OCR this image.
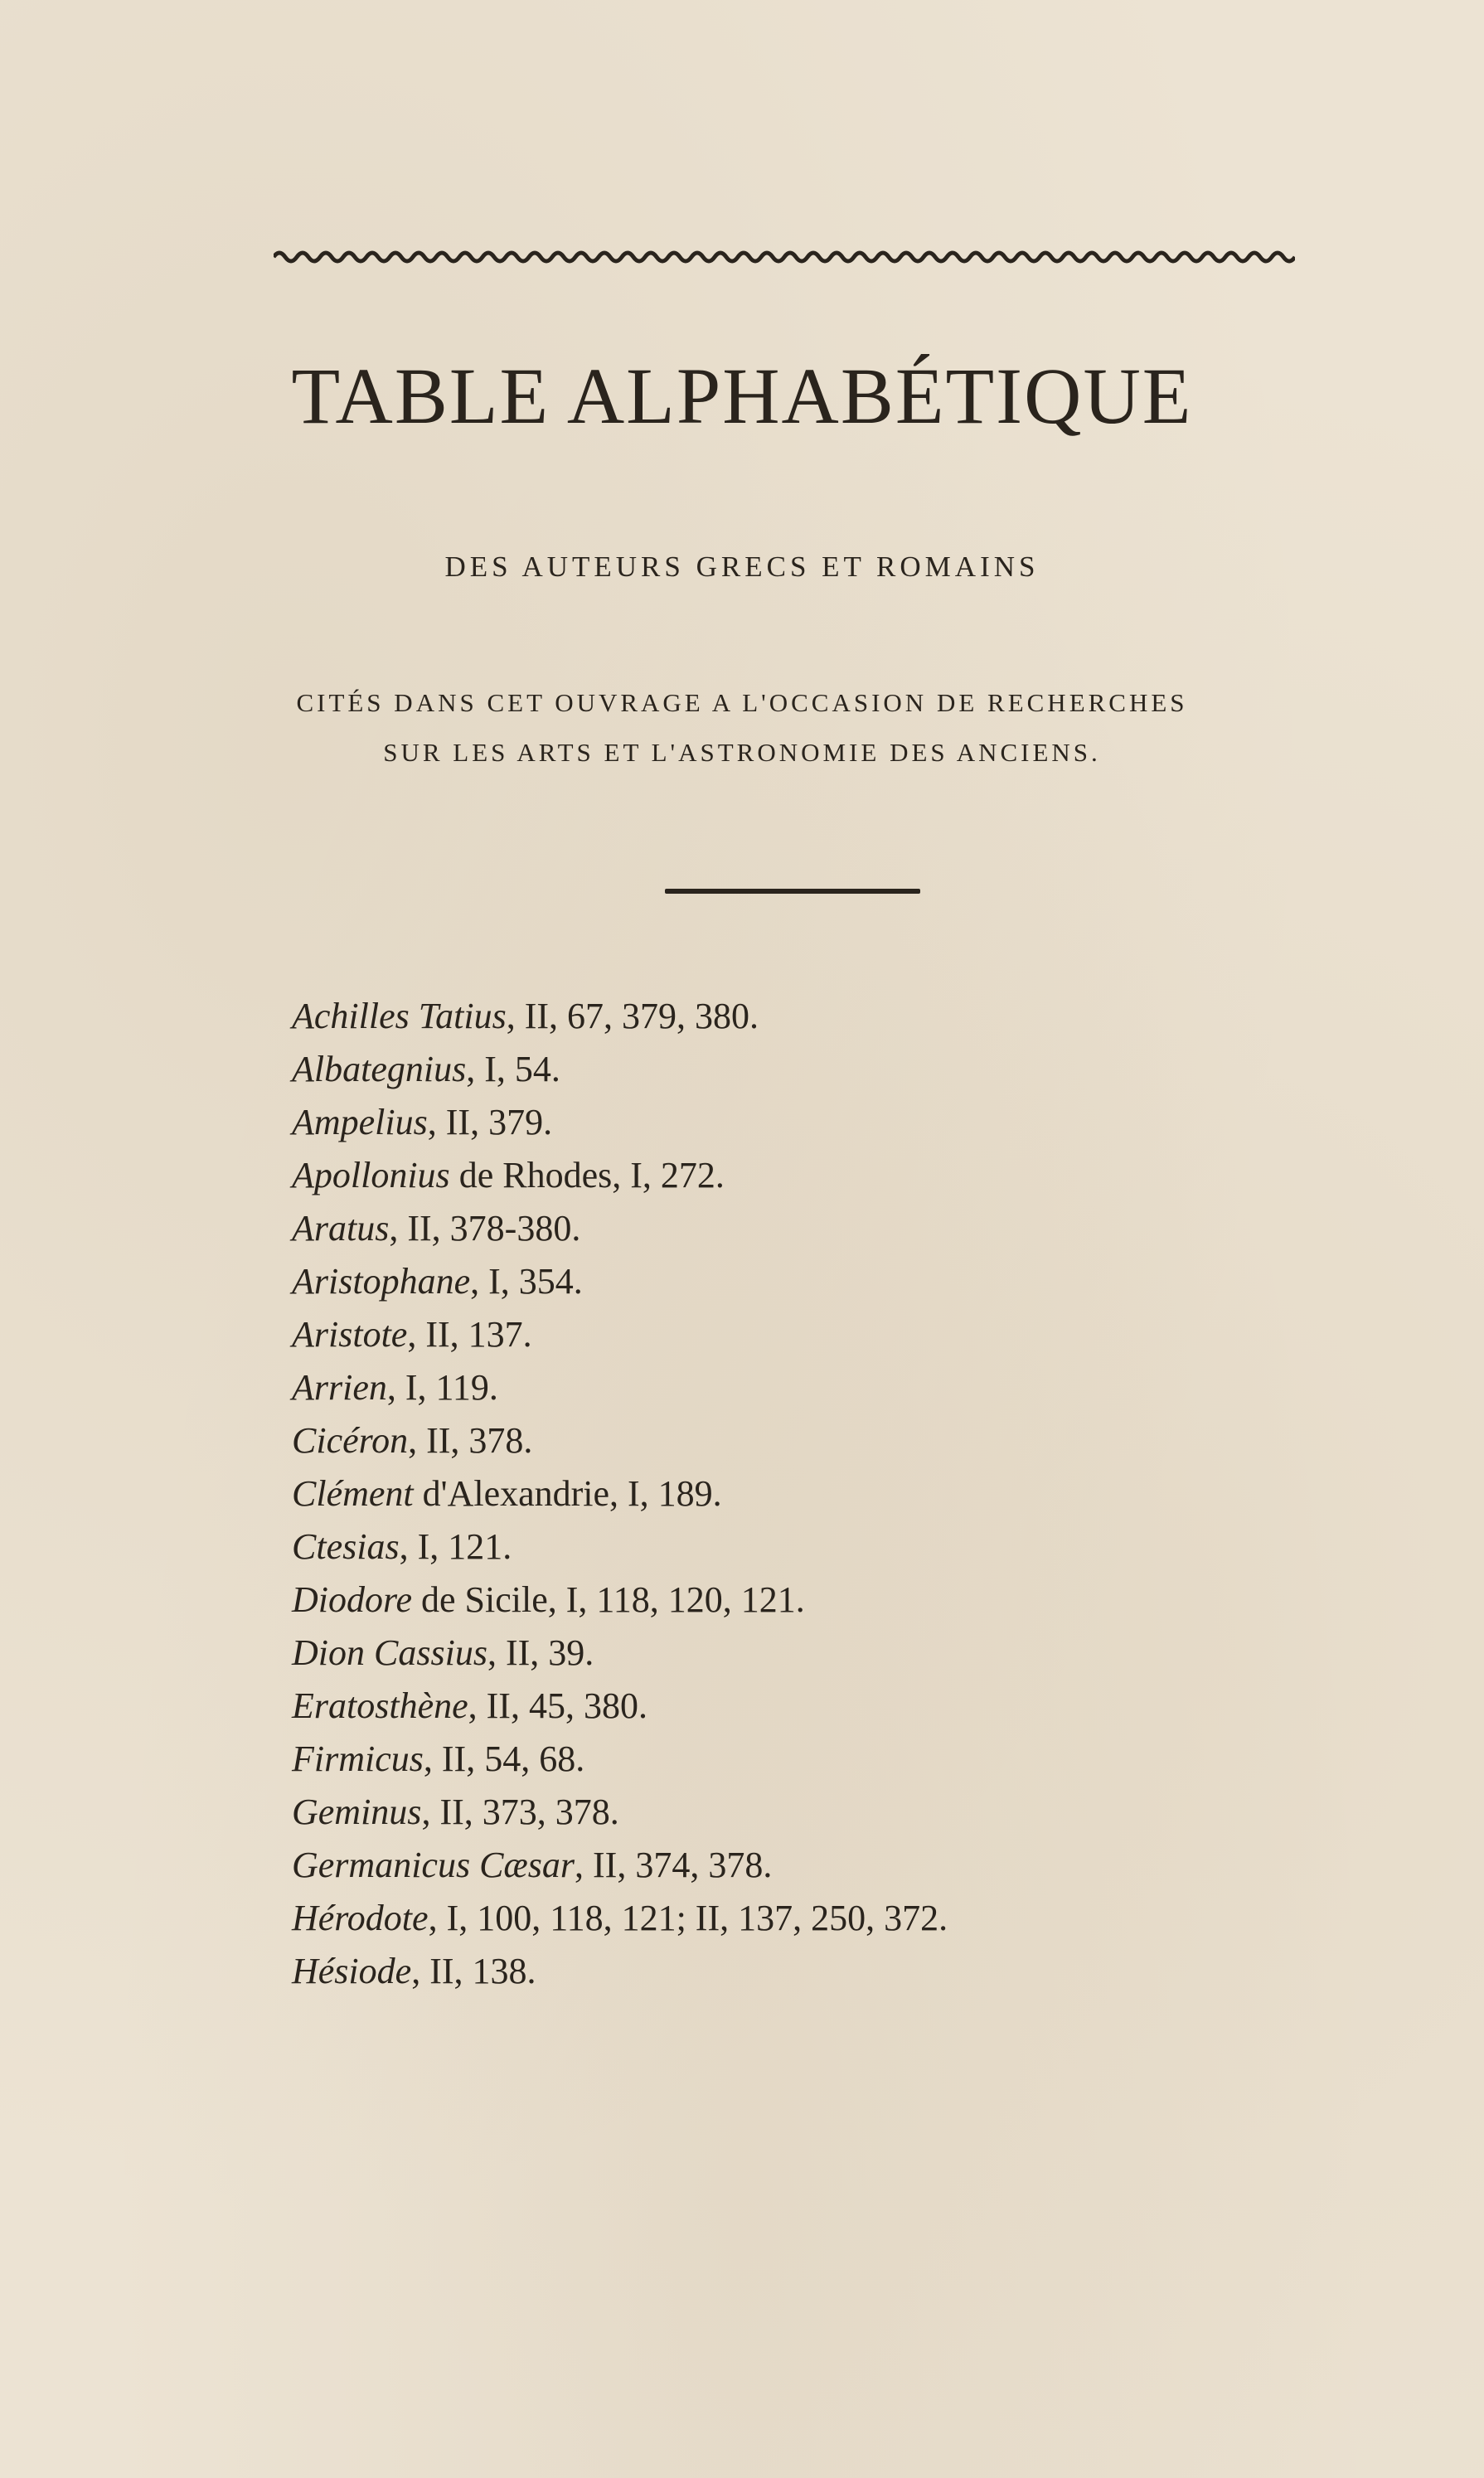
TABLE ALPHABÉTIQUE
DES AUTEURS GRECS ET ROMAINS
CITÉS DANS CET OUVRAGE A L'OCCASION DE RECHERCHES
SUR LES ARTS ET L'ASTRONOMIE DES ANCIENS.
Achilles Tatius, II, 67, 379, 380.
Albategnius, I, 54.
Ampelius, II, 379.
Apollonius de Rhodes, I, 272.
Aratus, II, 378-380.
Aristophane, I, 354.
Aristote, II, 137.
Arrien, I, 119.
Cicéron, II, 378.
Clément d'Alexandrie, I, 189.
Ctesias, I, 121.
Diodore de Sicile, I, 118, 120, 121.
Dion Cassius, II, 39.
Eratosthène, II, 45, 380.
Firmicus, II, 54, 68.
Geminus, II, 373, 378.
Germanicus Cæsar, II, 374, 378.
Hérodote, I, 100, 118, 121; II, 137, 250, 372.
Hésiode, II, 138.
